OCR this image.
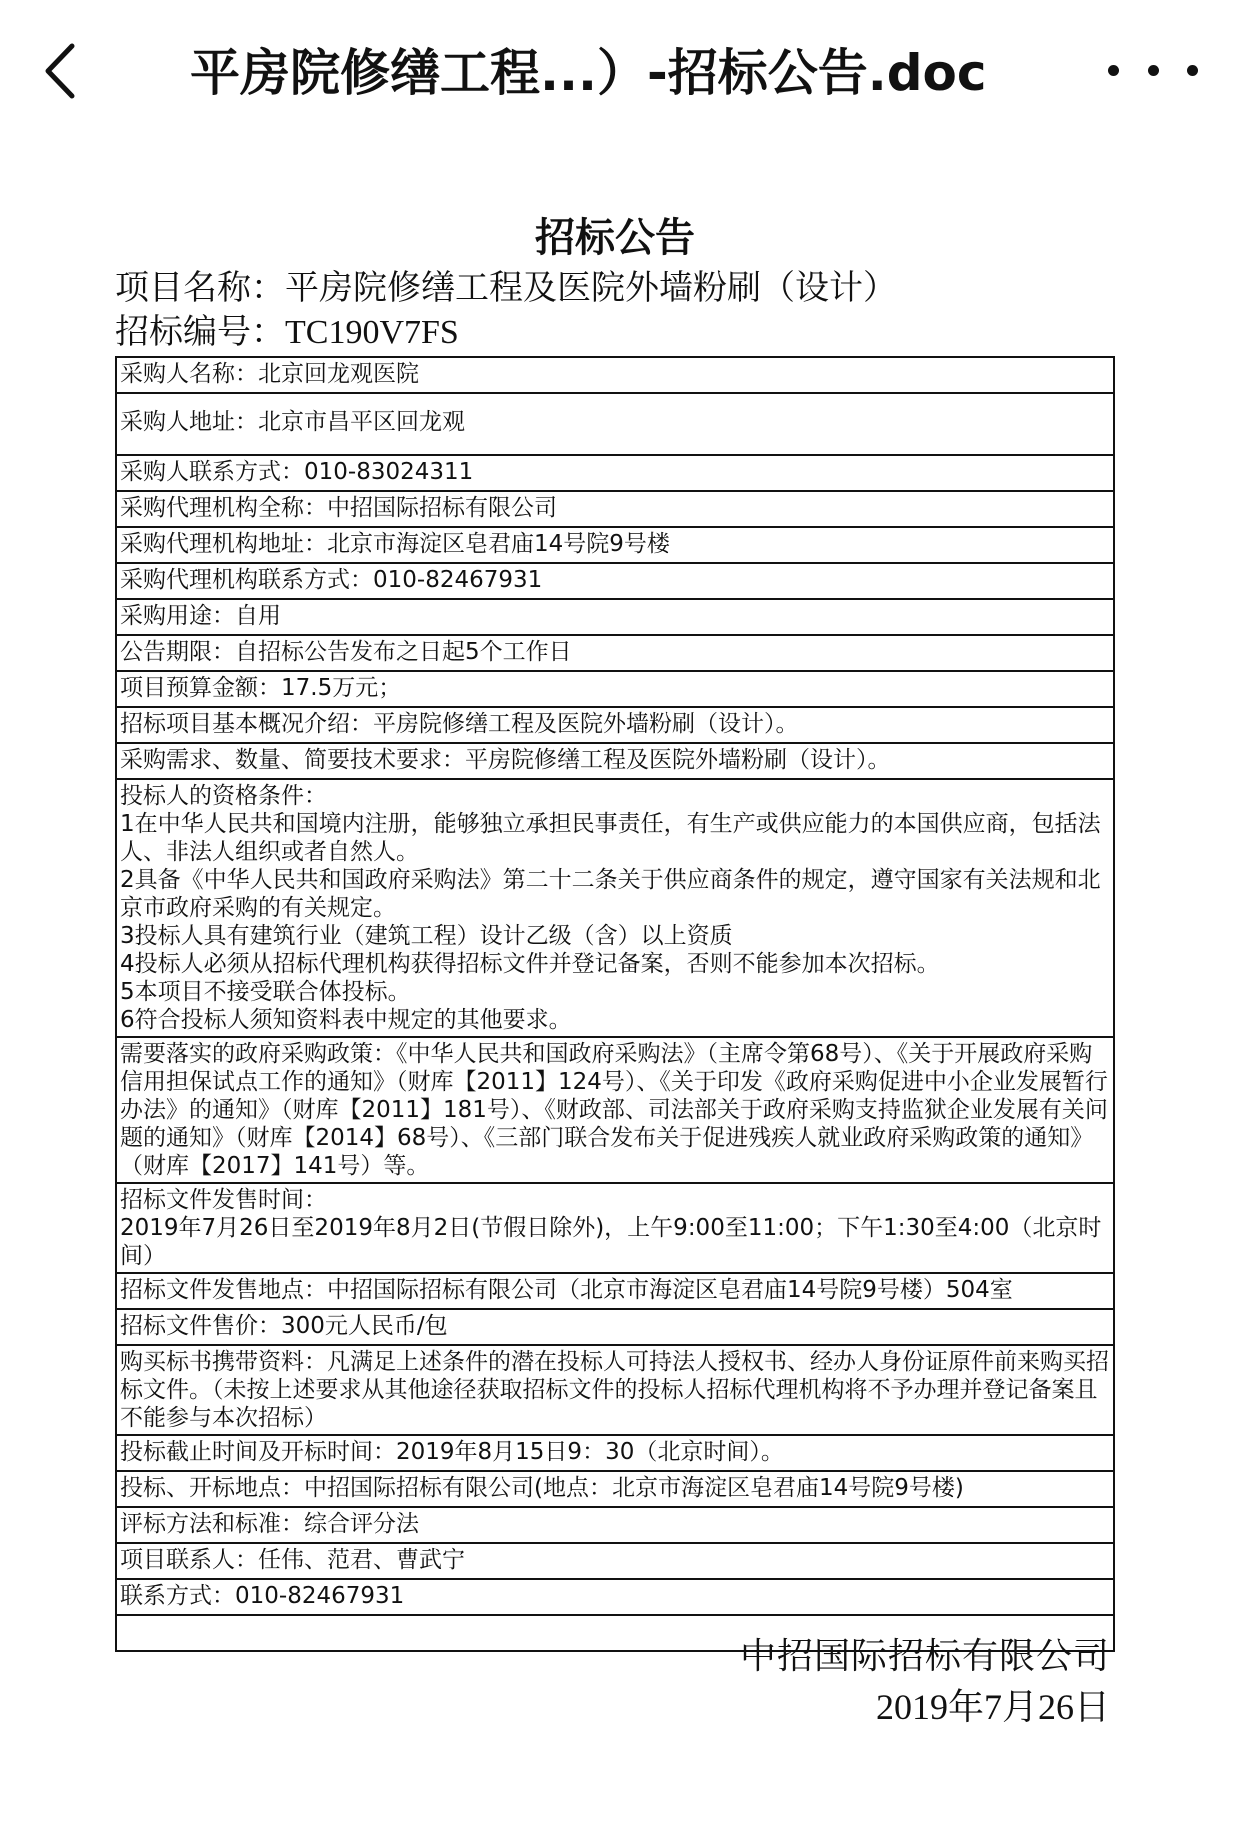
平房院修缮工程...）-招标公告.doc
招标公告
项目名称：平房院修缮工程及医院外墙粉刷（设计）
招标编号：TC190V7FS
采购人名称：北京回龙观医院

采购人地址：北京市昌平区回龙观

采购人联系方式：010-83024311

采购代理机构全称：中招国际招标有限公司

采购代理机构地址：北京市海淀区皂君庙14号院9号楼

采购代理机构联系方式：010-82467931

采购用途：自用

公告期限：自招标公告发布之日起5个工作日

项目预算金额：17.5万元；

招标项目基本概况介绍：平房院修缮工程及医院外墙粉刷（设计）。

采购需求、数量、简要技术要求：平房院修缮工程及医院外墙粉刷（设计）。

投标人的资格条件：
1在中华人民共和国境内注册，能够独立承担民事责任，有生产或供应能力的本国供应商，包括法人、非法人组织或者自然人。
2具备《中华人民共和国政府采购法》第二十二条关于供应商条件的规定，遵守国家有关法规和北京市政府采购的有关规定。
3投标人具有建筑行业（建筑工程）设计乙级（含）以上资质
4投标人必须从招标代理机构获得招标文件并登记备案，否则不能参加本次招标。
5本项目不接受联合体投标。
6符合投标人须知资料表中规定的其他要求。

需要落实的政府采购政策：《中华人民共和国政府采购法》（主席令第68号）、《关于开展政府采购信用担保试点工作的通知》（财库【2011】124号）、《关于印发《政府采购促进中小企业发展暂行办法》的通知》（财库【2011】181号）、《财政部、司法部关于政府采购支持监狱企业发展有关问题的通知》（财库【2014】68号）、《三部门联合发布关于促进残疾人就业政府采购政策的通知》（财库【2017】141号）等。

招标文件发售时间：
2019年7月26日至2019年8月2日(节假日除外)，上午9:00至11:00；下午1:30至4:00（北京时间）

招标文件发售地点：中招国际招标有限公司（北京市海淀区皂君庙14号院9号楼）504室

招标文件售价：300元人民币/包

购买标书携带资料：凡满足上述条件的潜在投标人可持法人授权书、经办人身份证原件前来购买招标文件。（未按上述要求从其他途径获取招标文件的投标人招标代理机构将不予办理并登记备案且不能参与本次招标）

投标截止时间及开标时间：2019年8月15日9：30（北京时间）。

投标、开标地点：中招国际招标有限公司(地点：北京市海淀区皂君庙14号院9号楼)

评标方法和标准：综合评分法

项目联系人：任伟、范君、曹武宁

联系方式：010-82467931

中招国际招标有限公司
2019年7月26日
